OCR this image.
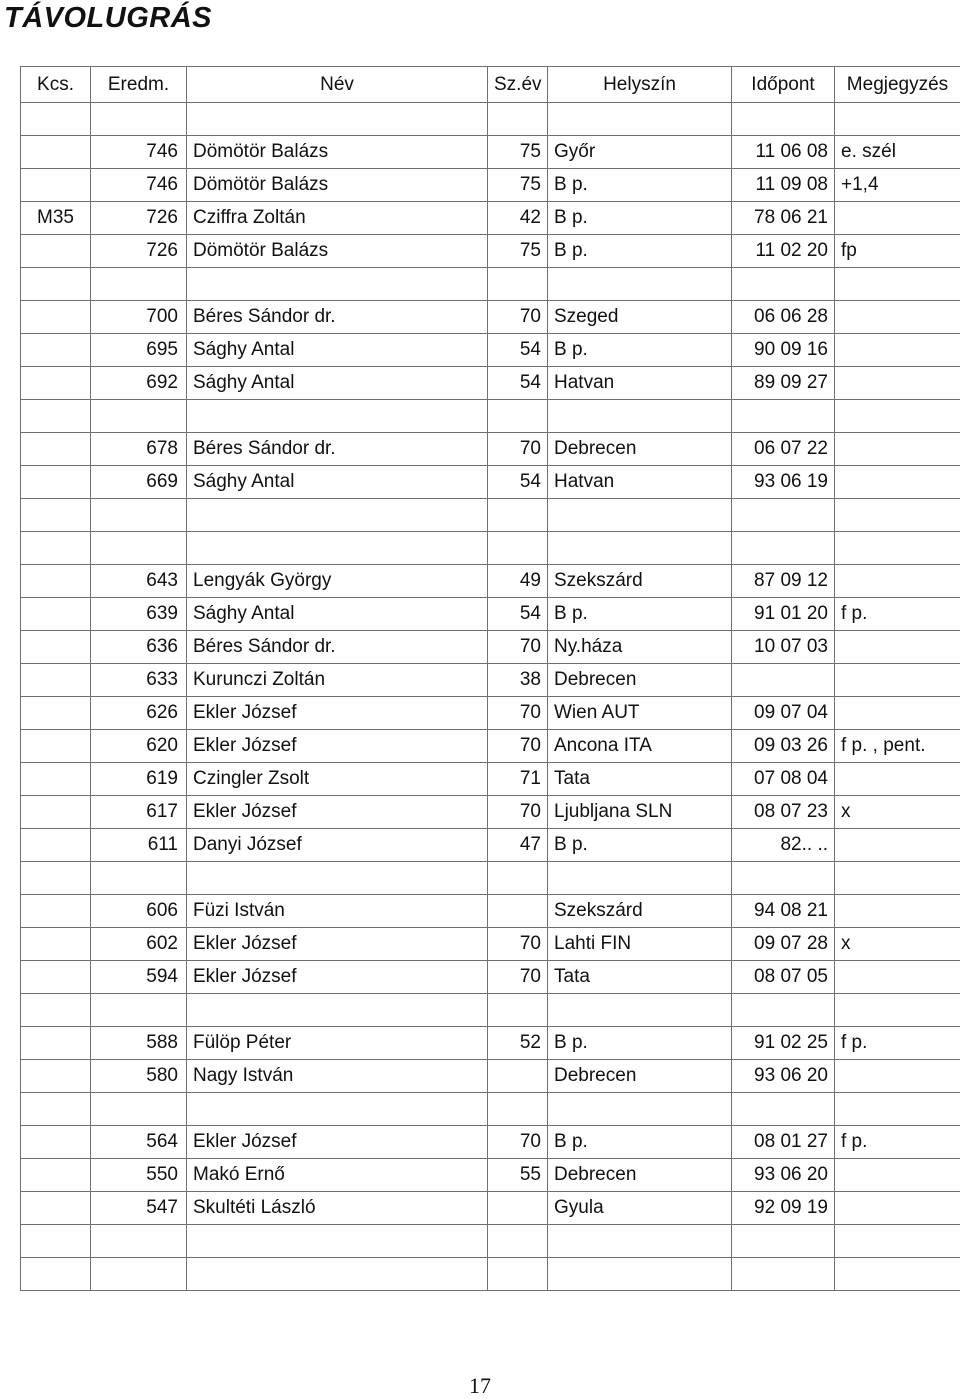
TÁVOLUGRÁS
Kcs.	Eredm.	Név	Sz.év	Helyszín	Időpont	Megjegyzés

	746	Dömötör Balázs	75	Győr	11 06 08	e. szél
	746	Dömötör Balázs	75	B p.	11 09 08	+1,4
M35	726	Cziffra Zoltán	42	B p.	78 06 21	
	726	Dömötör Balázs	75	B p.	11 02 20	fp

	700	Béres Sándor dr.	70	Szeged	06 06 28	
	695	Sághy Antal	54	B p.	90 09 16	
	692	Sághy Antal	54	Hatvan	89 09 27	

	678	Béres Sándor dr.	70	Debrecen	06 07 22	
	669	Sághy Antal	54	Hatvan	93 06 19	

	643	Lengyák György	49	Szekszárd	87 09 12	
	639	Sághy Antal	54	B p.	91 01 20	f p.
	636	Béres Sándor dr.	70	Ny.háza	10 07 03	
	633	Kurunczi Zoltán	38	Debrecen		
	626	Ekler József	70	Wien AUT	09 07 04	
	620	Ekler József	70	Ancona ITA	09 03 26	f p. , pent.
	619	Czingler Zsolt	71	Tata	07 08 04	
	617	Ekler József	70	Ljubljana SLN	08 07 23	x
	611	Danyi József	47	B p.	82.. ..	

	606	Füzi István		Szekszárd	94 08 21	
	602	Ekler József	70	Lahti FIN	09 07 28	x
	594	Ekler József	70	Tata	08 07 05	

	588	Fülöp Péter	52	B p.	91 02 25	f p.
	580	Nagy István		Debrecen	93 06 20	

	564	Ekler József	70	B p.	08 01 27	f p.
	550	Makó Ernő	55	Debrecen	93 06 20	
	547	Skultéti László		Gyula	92 09 19	

17
